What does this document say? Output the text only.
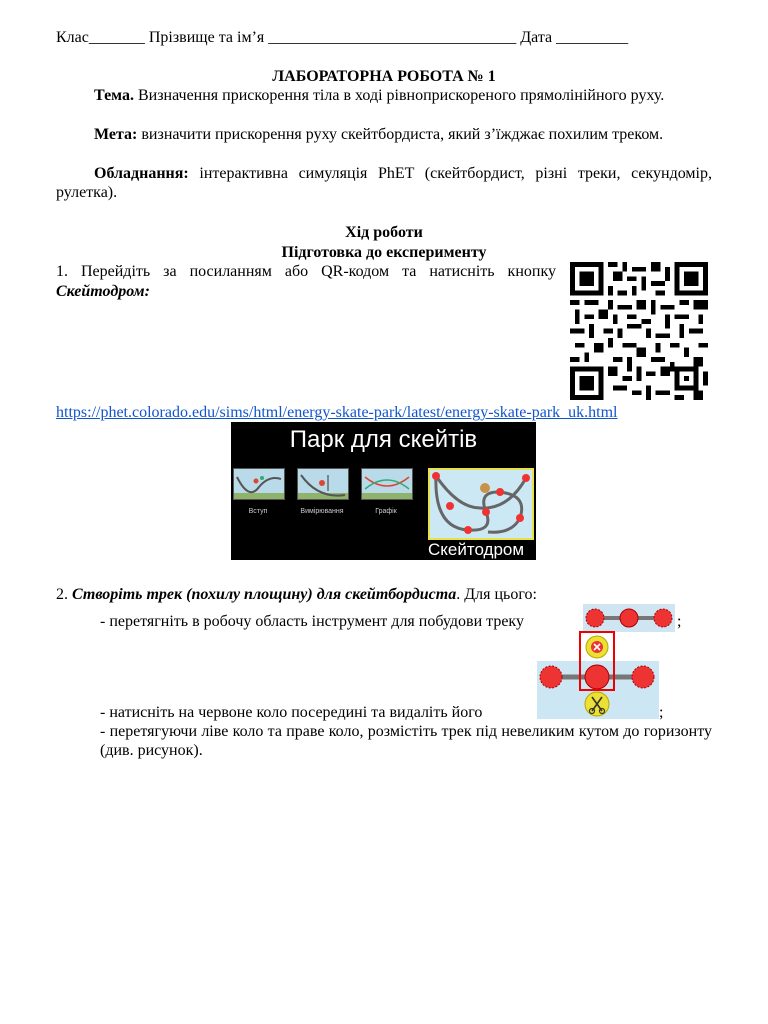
Клас_______ Прізвище та ім’я _______________________________ Дата _________
ЛАБОРАТОРНА РОБОТА № 1
Тема. Визначення прискорення тіла в ході рівноприскореного прямолінійного руху.
Мета: визначити прискорення руху скейтбордиста, який з’їжджає похилим треком.
Обладнання: інтерактивна симуляція PhET (скейтбордист, різні треки, секундомір, рулетка).
Хід роботи
Підготовка до експерименту
1. Перейдіть за посиланням або QR-кодом та натисніть кнопку
Скейтодром:
https://phet.colorado.edu/sims/html/energy-skate-park/latest/energy-skate-park_uk.html
Парк для скейтів
Вступ	Вимірювання	Графік
Скейтодром
2. Створіть трек (похилу площину) для скейтбордиста. Для цього:
- перетягніть в робочу область інструмент для побудови треку	;
- натисніть на червоне коло посередині та видаліть його	;
- перетягуючи ліве коло та праве коло, розмістіть трек під невеликим кутом до горизонту (див. рисунок).
